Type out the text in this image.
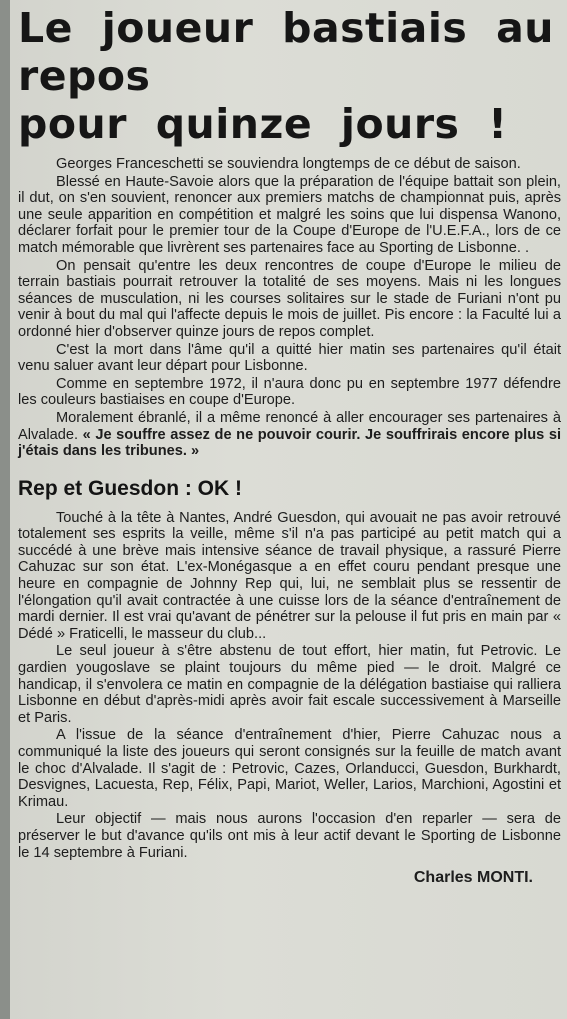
Le joueur bastiais au repos
pour quinze jours !

Georges Franceschetti se souviendra longtemps de ce début de saison.

Blessé en Haute-Savoie alors que la préparation de l'équipe battait son plein, il dut, on s'en souvient, renoncer aux premiers matchs de championnat puis, après une seule apparition en compétition et malgré les soins que lui dispensa Wanono, déclarer forfait pour le premier tour de la Coupe d'Europe de l'U.E.F.A., lors de ce match mémorable que livrèrent ses partenaires face au Sporting de Lisbonne. .

On pensait qu'entre les deux rencontres de coupe d'Europe le milieu de terrain bastiais pourrait retrouver la totalité de ses moyens. Mais ni les longues séances de musculation, ni les courses solitaires sur le stade de Furiani n'ont pu venir à bout du mal qui l'affecte depuis le mois de juillet. Pis encore : la Faculté lui a ordonné hier d'observer quinze jours de repos complet.

C'est la mort dans l'âme qu'il a quitté hier matin ses partenaires qu'il était venu saluer avant leur départ pour Lisbonne.

Comme en septembre 1972, il n'aura donc pu en septembre 1977 défendre les couleurs bastiaises en coupe d'Europe.

Moralement ébranlé, il a même renoncé à aller encourager ses partenaires à Alvalade. « Je souffre assez de ne pouvoir courir. Je souffrirais encore plus si j'étais dans les tribunes. »

Rep et Guesdon : OK !

Touché à la tête à Nantes, André Guesdon, qui avouait ne pas avoir retrouvé totalement ses esprits la veille, même s'il n'a pas participé au petit match qui a succédé à une brève mais intensive séance de travail physique, a rassuré Pierre Cahuzac sur son état. L'ex-Monégasque a en effet couru pendant presque une heure en compagnie de Johnny Rep qui, lui, ne semblait plus se ressentir de l'élongation qu'il avait contractée à une cuisse lors de la séance d'entraînement de mardi dernier. Il est vrai qu'avant de pénétrer sur la pelouse il fut pris en main par « Dédé » Fraticelli, le masseur du club...

Le seul joueur à s'être abstenu de tout effort, hier matin, fut Petrovic. Le gardien yougoslave se plaint toujours du même pied — le droit. Malgré ce handicap, il s'envolera ce matin en compagnie de la délégation bastiaise qui ralliera Lisbonne en début d'après-midi après avoir fait escale successivement à Marseille et Paris.

A l'issue de la séance d'entraînement d'hier, Pierre Cahuzac nous a communiqué la liste des joueurs qui seront consignés sur la feuille de match avant le choc d'Alvalade. Il s'agit de : Petrovic, Cazes, Orlanducci, Guesdon, Burkhardt, Desvignes, Lacuesta, Rep, Félix, Papi, Mariot, Weller, Larios, Marchioni, Agostini et Krimau.

Leur objectif — mais nous aurons l'occasion d'en reparler — sera de préserver le but d'avance qu'ils ont mis à leur actif devant le Sporting de Lisbonne le 14 septembre à Furiani.

Charles MONTI.
